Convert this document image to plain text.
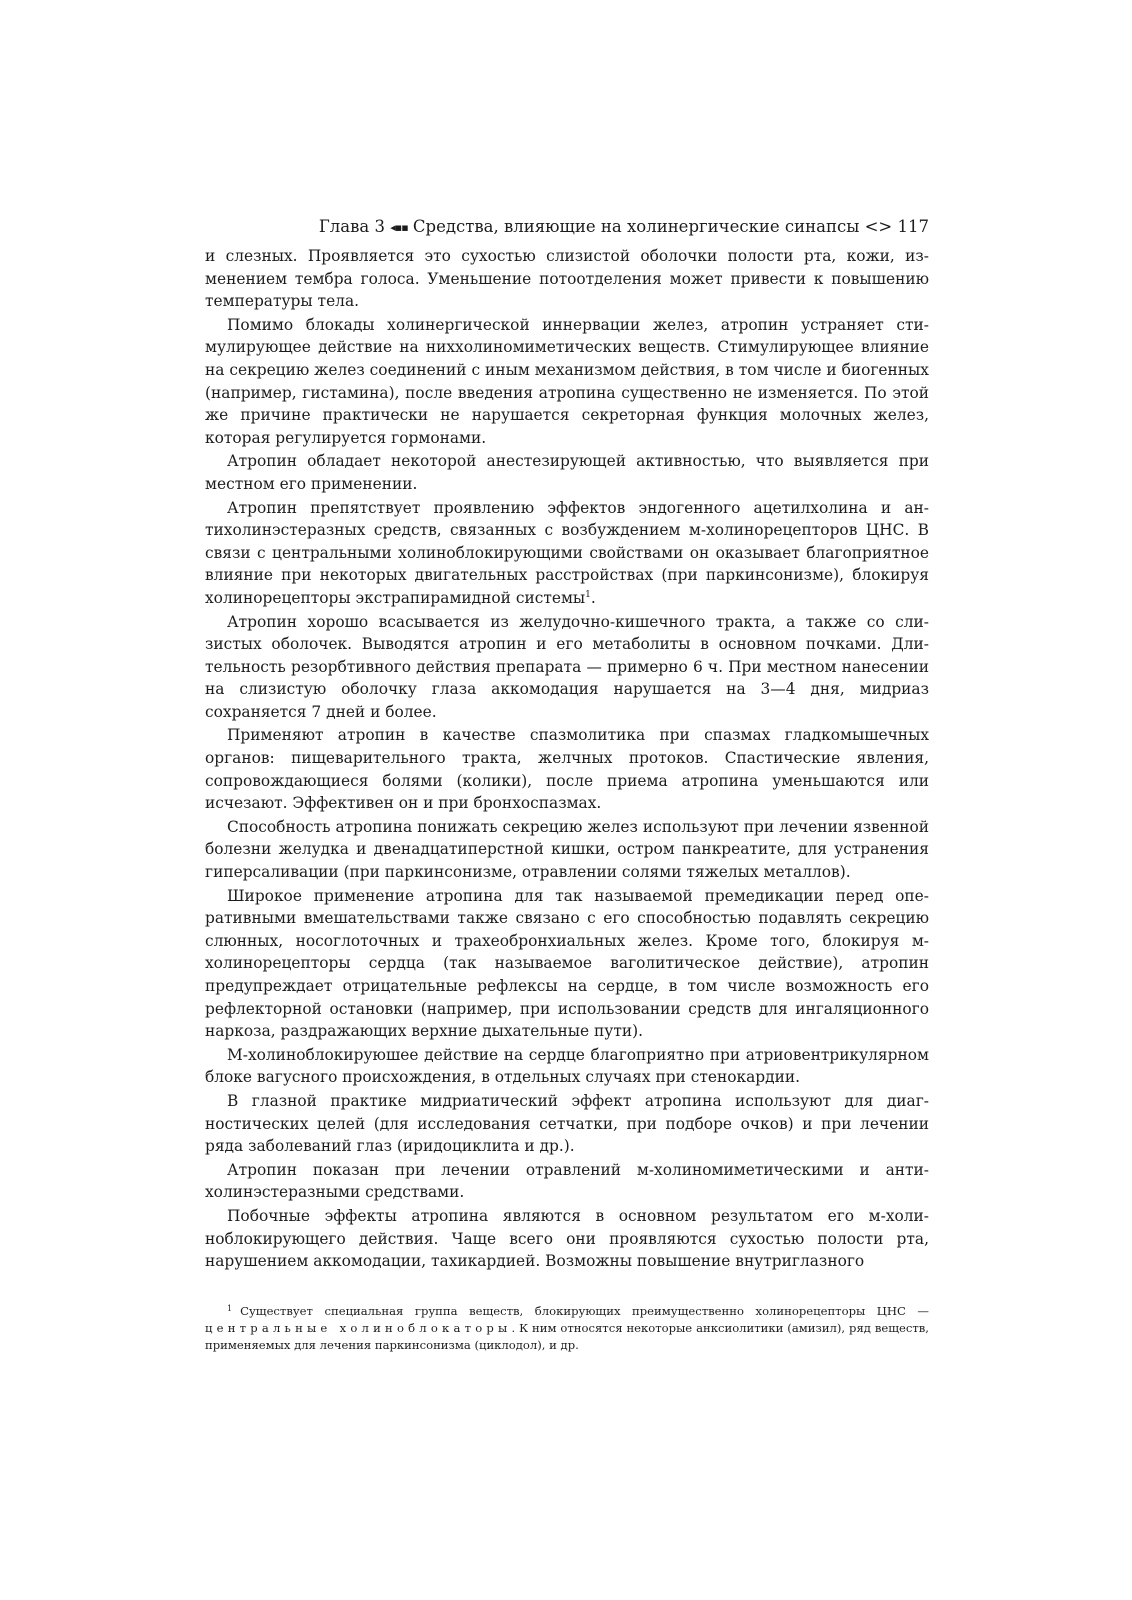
Глава 3 ◂▪▪ Средства, влияющие на холинергические синапсы <> 117

и слезных. Проявляется это сухостью слизистой оболочки полости рта, кожи, изменением тембра голоса. Уменьшение потоотделения может привести к повышению температуры тела.

Помимо блокады холинергической иннервации желез, атропин устраняет стимулирующее действие на ниххолиномиметических веществ. Стимулирующее влияние на секрецию желез соединений с иным механизмом действия, в том числе и биогенных (например, гистамина), после введения атропина существенно не изменяется. По этой же причине практически не нарушается секреторная функция молочных желез, которая регулируется гормонами.

Атропин обладает некоторой анестезирующей активностью, что выявляется при местном его применении.

Атропин препятствует проявлению эффектов эндогенного ацетилхолина и антихолинэстеразных средств, связанных с возбуждением м-холинорецепторов ЦНС. В связи с центральными холиноблокирующими свойствами он оказывает благоприятное влияние при некоторых двигательных расстройствах (при паркинсонизме), блокируя холинорецепторы экстрапирамидной системы$^1$.

Атропин хорошо всасывается из желудочно-кишечного тракта, а также со слизистых оболочек. Выводятся атропин и его метаболиты в основном почками. Длительность резорбтивного действия препарата — примерно 6 ч. При местном нанесении на слизистую оболочку глаза аккомодация нарушается на 3—4 дня, мидриаз сохраняется 7 дней и более.

Применяют атропин в качестве спазмолитика при спазмах гладкомышечных органов: пищеварительного тракта, желчных протоков. Спастические явления, сопровождающиеся болями (колики), после приема атропина уменьшаются или исчезают. Эффективен он и при бронхоспазмах.

Способность атропина понижать секрецию желез используют при лечении язвенной болезни желудка и двенадцатиперстной кишки, остром панкреатите, для устранения гиперсаливации (при паркинсонизме, отравлении солями тяжелых металлов).

Широкое применение атропина для так называемой премедикации перед оперативными вмешательствами также связано с его способностью подавлять секрецию слюнных, носоглоточных и трахеобронхиальных желез. Кроме того, блокируя м-холинорецепторы сердца (так называемое ваголитическое действие), атропин предупреждает отрицательные рефлексы на сердце, в том числе возможность его рефлекторной остановки (например, при использовании средств для ингаляционного наркоза, раздражающих верхние дыхательные пути).

М-холиноблокируюшее действие на сердце благоприятно при атриовентрикулярном блоке вагусного происхождения, в отдельных случаях при стенокардии.

В глазной практике мидриатический эффект атропина используют для диагностических целей (для исследования сетчатки, при подборе очков) и при лечении ряда заболеваний глаз (иридоциклита и др.).

Атропин показан при лечении отравлений м-холиномиметическими и антихолинэстеразными средствами.

Побочные эффекты атропина являются в основном результатом его м-холиноблокирующего действия. Чаще всего они проявляются сухостью полости рта, нарушением аккомодации, тахикардией. Возможны повышение внутриглазного

$^1$ Существует специальная группа веществ, блокирующих преимущественно холинорецепторы ЦНС — центральные холиноблокаторы. К ним относятся некоторые анксиолитики (амизил), ряд веществ, применяемых для лечения паркинсонизма (циклодол), и др.
